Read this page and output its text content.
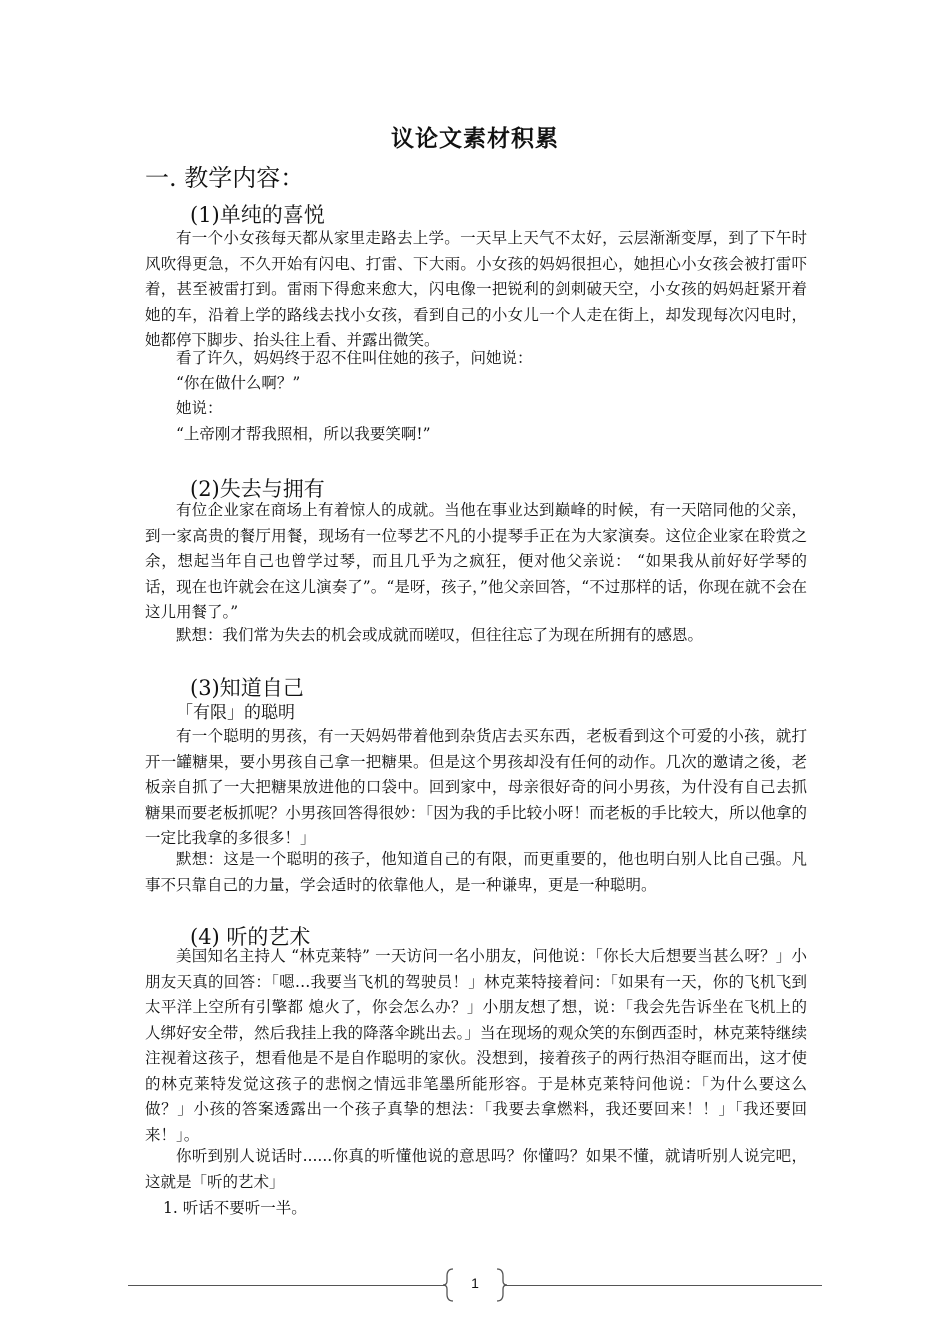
议论文素材积累
一. 教学内容：
(1)单纯的喜悦

有一个小女孩每天都从家里走路去上学。一天早上天气不太好，云层渐渐变厚，到了下午时风吹得更急，不久开始有闪电、打雷、下大雨。小女孩的妈妈很担心，她担心小女孩会被打雷吓着，甚至被雷打到。雷雨下得愈来愈大，闪电像一把锐利的剑刺破天空，小女孩的妈妈赶紧开着她的车，沿着上学的路线去找小女孩，看到自己的小女儿一个人走在街上，却发现每次闪电时，她都停下脚步、抬头往上看、并露出微笑。

看了许久，妈妈终于忍不住叫住她的孩子，问她说：
“你在做什么啊？”
她说：
“上帝刚才帮我照相，所以我要笑啊!”
(2)失去与拥有

有位企业家在商场上有着惊人的成就。当他在事业达到巅峰的时候，有一天陪同他的父亲，到一家高贵的餐厅用餐，现场有一位琴艺不凡的小提琴手正在为大家演奏。这位企业家在聆赏之余，想起当年自己也曾学过琴，而且几乎为之疯狂，便对他父亲说： “如果我从前好好学琴的话，现在也许就会在这儿演奏了”。“是呀，孩子，”他父亲回答，“不过那样的话，你现在就不会在这儿用餐了。”

默想：我们常为失去的机会或成就而嗟叹，但往往忘了为现在所拥有的感恩。
(3)知道自己
「有限」的聪明

有一个聪明的男孩，有一天妈妈带着他到杂货店去买东西，老板看到这个可爱的小孩，就打开一罐糖果，要小男孩自己拿一把糖果。但是这个男孩却没有任何的动作。几次的邀请之後，老板亲自抓了一大把糖果放进他的口袋中。回到家中，母亲很好奇的问小男孩，为什没有自己去抓糖果而要老板抓呢？小男孩回答得很妙：「因为我的手比较小呀！而老板的手比较大，所以他拿的一定比我拿的多很多！」

默想：这是一个聪明的孩子，他知道自己的有限，而更重要的，他也明白别人比自己强。凡事不只靠自己的力量，学会适时的依靠他人，是一种谦卑，更是一种聪明。

(4) 听的艺术

美国知名主持人 “林克莱特” 一天访问一名小朋友，问他说：「你长大后想要当甚么呀？」小朋友天真的回答：「嗯…我要当飞机的驾驶员！」林克莱特接着问：「如果有一天，你的飞机飞到太平洋上空所有引擎都 熄火了，你会怎么办？」小朋友想了想，说：「我会先告诉坐在飞机上的人绑好安全带，然后我挂上我的降落伞跳出去。」当在现场的观众笑的东倒西歪时，林克莱特继续注视着这孩子，想看他是不是自作聪明的家伙。没想到，接着孩子的两行热泪夺眶而出，这才使的林克莱特发觉这孩子的悲悯之情远非笔墨所能形容。于是林克莱特问他说：「为什么要这么做？」小孩的答案透露出一个孩子真挚的想法：「我要去拿燃料，我还要回来！！」「我还要回来！」。

你听到别人说话时......你真的听懂他说的意思吗？你懂吗？如果不懂，就请听别人说完吧，这就是「听的艺术」

1. 听话不要听一半。
1
